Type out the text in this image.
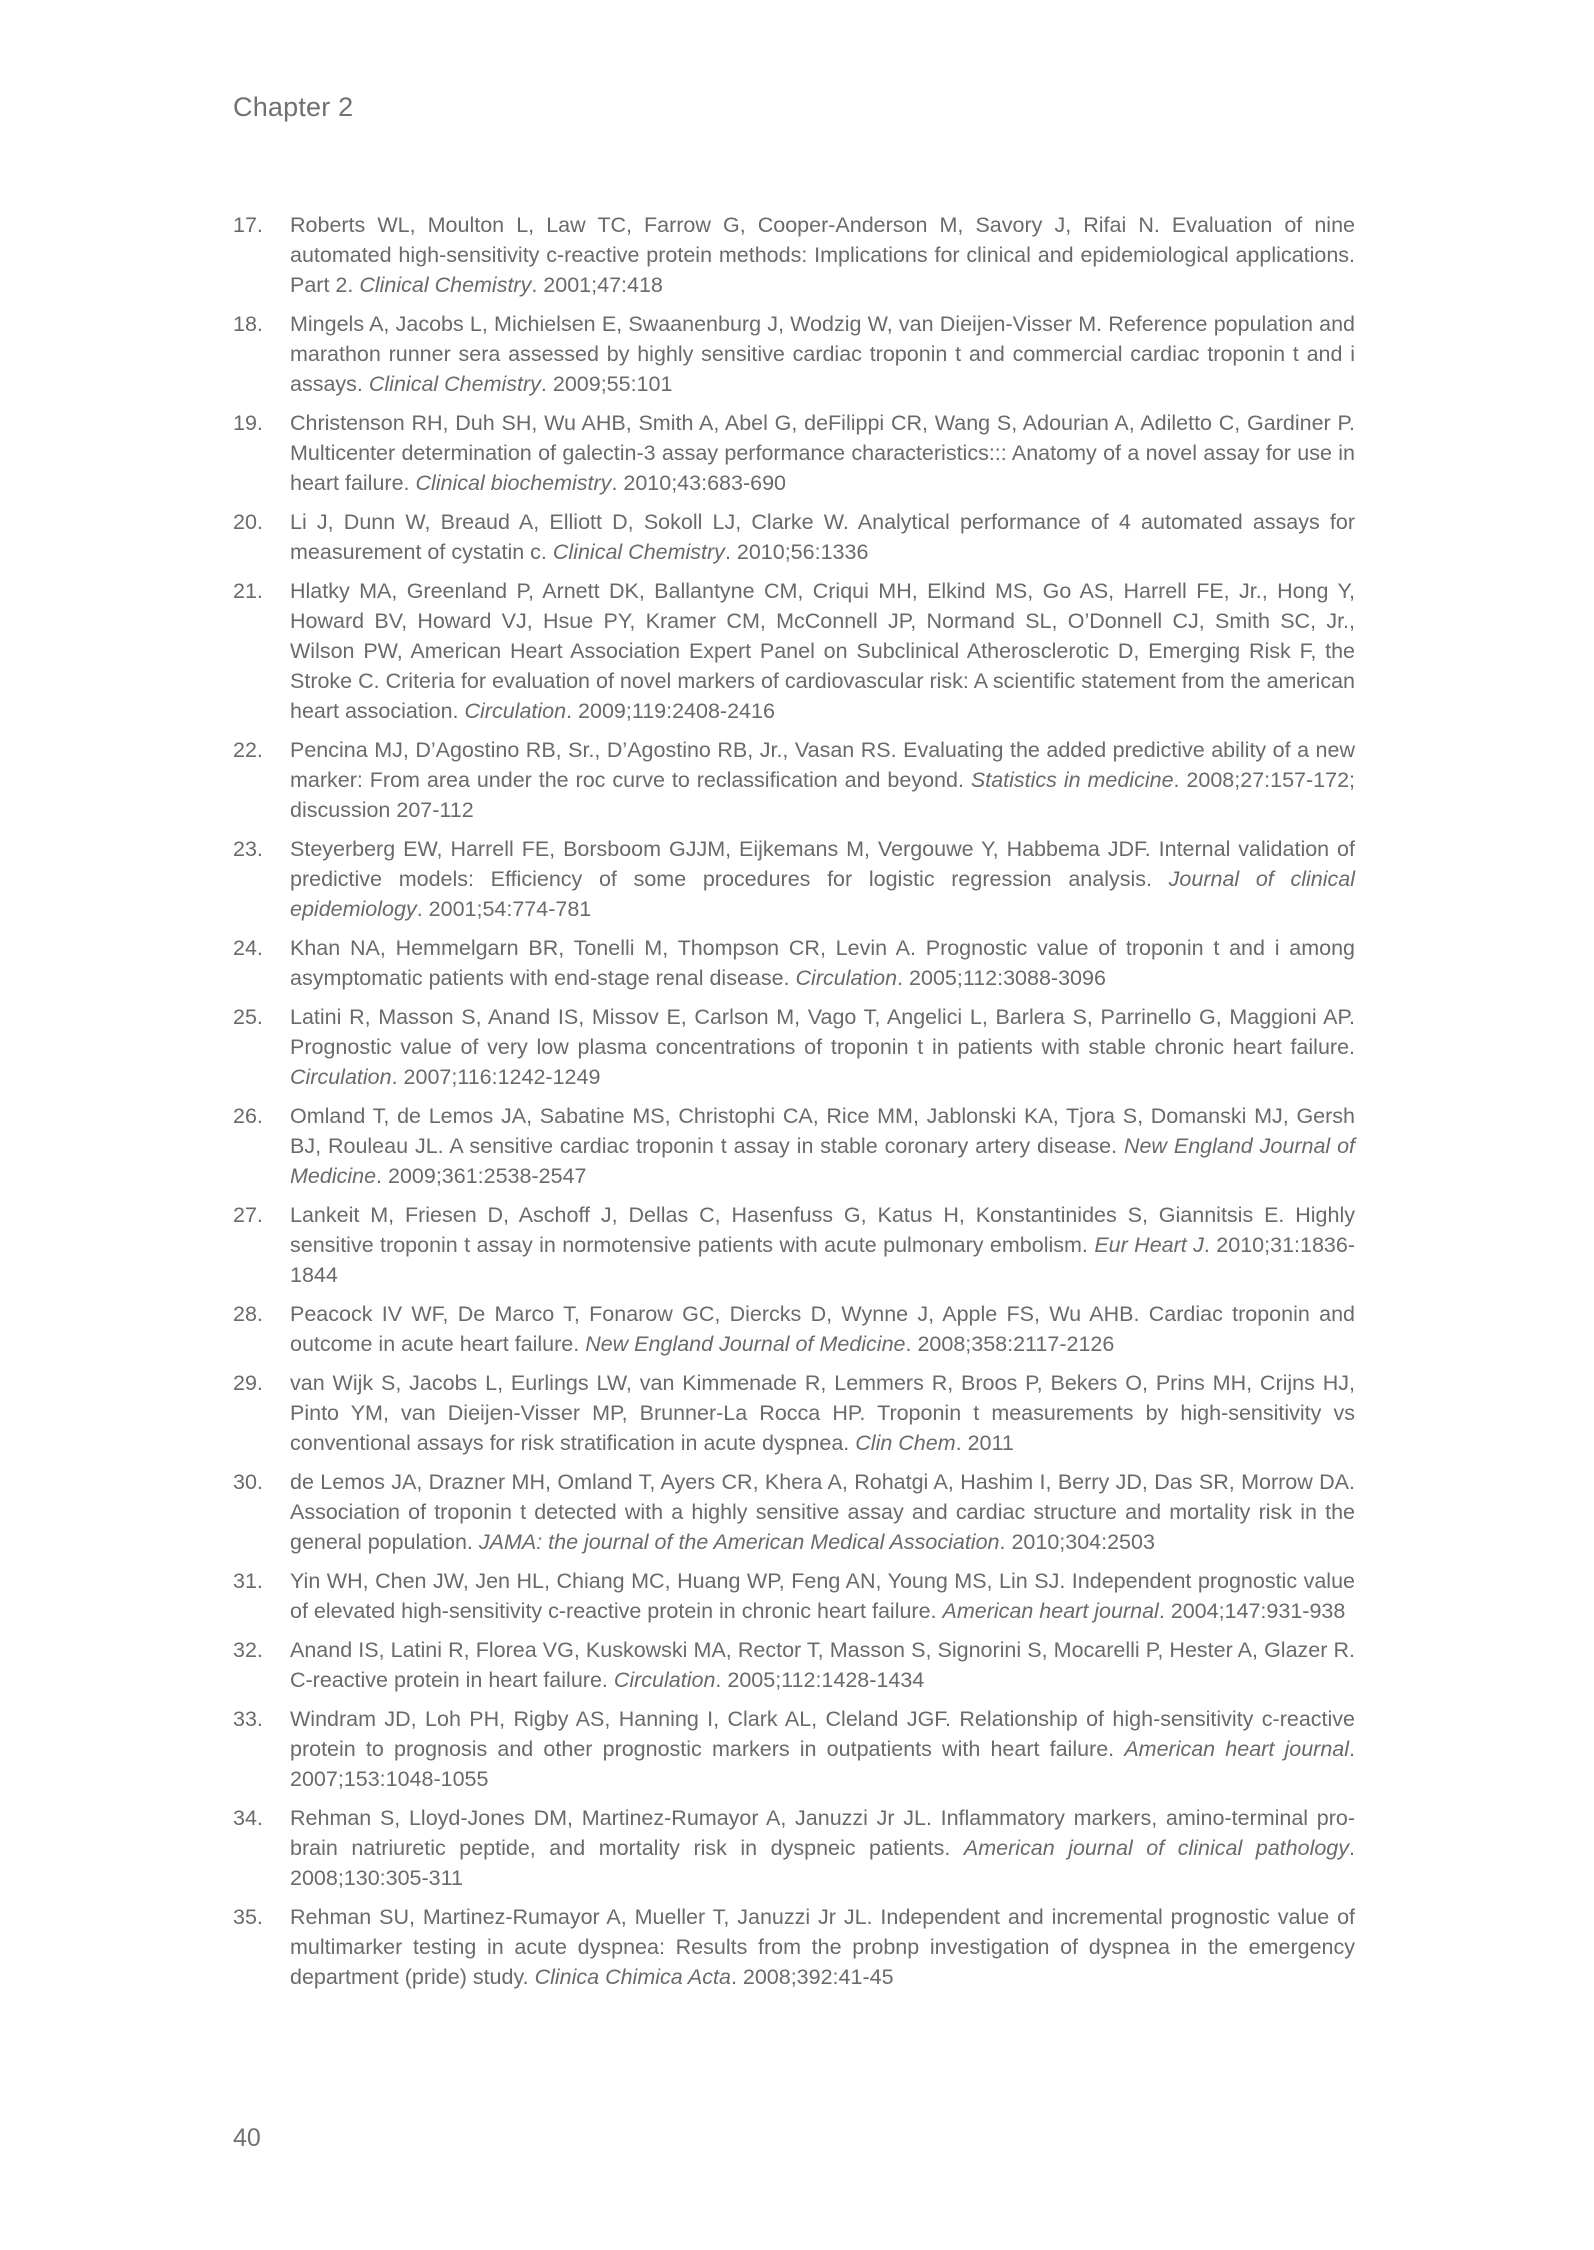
Chapter 2
17.	Roberts WL, Moulton L, Law TC, Farrow G, Cooper-Anderson M, Savory J, Rifai N. Evaluation of nine automated high-sensitivity c-reactive protein methods: Implications for clinical and epidemiological applications. Part 2. Clinical Chemistry. 2001;47:418
18.	Mingels A, Jacobs L, Michielsen E, Swaanenburg J, Wodzig W, van Dieijen-Visser M. Reference population and marathon runner sera assessed by highly sensitive cardiac troponin t and commercial cardiac troponin t and i assays. Clinical Chemistry. 2009;55:101
19.	Christenson RH, Duh SH, Wu AHB, Smith A, Abel G, deFilippi CR, Wang S, Adourian A, Adiletto C, Gardiner P. Multicenter determination of galectin-3 assay performance characteristics::: Anatomy of a novel assay for use in heart failure. Clinical biochemistry. 2010;43:683-690
20.	Li J, Dunn W, Breaud A, Elliott D, Sokoll LJ, Clarke W. Analytical performance of 4 automated assays for measurement of cystatin c. Clinical Chemistry. 2010;56:1336
21.	Hlatky MA, Greenland P, Arnett DK, Ballantyne CM, Criqui MH, Elkind MS, Go AS, Harrell FE, Jr., Hong Y, Howard BV, Howard VJ, Hsue PY, Kramer CM, McConnell JP, Normand SL, O’Donnell CJ, Smith SC, Jr., Wilson PW, American Heart Association Expert Panel on Subclinical Atherosclerotic D, Emerging Risk F, the Stroke C. Criteria for evaluation of novel markers of cardiovascular risk: A scientific statement from the american heart association. Circulation. 2009;119:2408-2416
22.	Pencina MJ, D’Agostino RB, Sr., D’Agostino RB, Jr., Vasan RS. Evaluating the added predictive ability of a new marker: From area under the roc curve to reclassification and beyond. Statistics in medicine. 2008;27:157-172; discussion 207-112
23.	Steyerberg EW, Harrell FE, Borsboom GJJM, Eijkemans M, Vergouwe Y, Habbema JDF. Internal validation of predictive models: Efficiency of some procedures for logistic regression analysis. Journal of clinical epidemiology. 2001;54:774-781
24.	Khan NA, Hemmelgarn BR, Tonelli M, Thompson CR, Levin A. Prognostic value of troponin t and i among asymptomatic patients with end-stage renal disease. Circulation. 2005;112:3088-3096
25.	Latini R, Masson S, Anand IS, Missov E, Carlson M, Vago T, Angelici L, Barlera S, Parrinello G, Maggioni AP. Prognostic value of very low plasma concentrations of troponin t in patients with stable chronic heart failure. Circulation. 2007;116:1242-1249
26.	Omland T, de Lemos JA, Sabatine MS, Christophi CA, Rice MM, Jablonski KA, Tjora S, Domanski MJ, Gersh BJ, Rouleau JL. A sensitive cardiac troponin t assay in stable coronary artery disease. New England Journal of Medicine. 2009;361:2538-2547
27.	Lankeit M, Friesen D, Aschoff J, Dellas C, Hasenfuss G, Katus H, Konstantinides S, Giannitsis E. Highly sensitive troponin t assay in normotensive patients with acute pulmonary embolism. Eur Heart J. 2010;31:1836-1844
28.	Peacock IV WF, De Marco T, Fonarow GC, Diercks D, Wynne J, Apple FS, Wu AHB. Cardiac troponin and outcome in acute heart failure. New England Journal of Medicine. 2008;358:2117-2126
29.	van Wijk S, Jacobs L, Eurlings LW, van Kimmenade R, Lemmers R, Broos P, Bekers O, Prins MH, Crijns HJ, Pinto YM, van Dieijen-Visser MP, Brunner-La Rocca HP. Troponin t measurements by high-sensitivity vs conventional assays for risk stratification in acute dyspnea. Clin Chem. 2011
30.	de Lemos JA, Drazner MH, Omland T, Ayers CR, Khera A, Rohatgi A, Hashim I, Berry JD, Das SR, Morrow DA. Association of troponin t detected with a highly sensitive assay and cardiac structure and mortality risk in the general population. JAMA: the journal of the American Medical Association. 2010;304:2503
31.	Yin WH, Chen JW, Jen HL, Chiang MC, Huang WP, Feng AN, Young MS, Lin SJ. Independent prognostic value of elevated high-sensitivity c-reactive protein in chronic heart failure. American heart journal. 2004;147:931-938
32.	Anand IS, Latini R, Florea VG, Kuskowski MA, Rector T, Masson S, Signorini S, Mocarelli P, Hester A, Glazer R. C-reactive protein in heart failure. Circulation. 2005;112:1428-1434
33.	Windram JD, Loh PH, Rigby AS, Hanning I, Clark AL, Cleland JGF. Relationship of high-sensitivity c-reactive protein to prognosis and other prognostic markers in outpatients with heart failure. American heart journal. 2007;153:1048-1055
34.	Rehman S, Lloyd-Jones DM, Martinez-Rumayor A, Januzzi Jr JL. Inflammatory markers, amino-terminal pro-brain natriuretic peptide, and mortality risk in dyspneic patients. American journal of clinical pathology. 2008;130:305-311
35.	Rehman SU, Martinez-Rumayor A, Mueller T, Januzzi Jr JL. Independent and incremental prognostic value of multimarker testing in acute dyspnea: Results from the probnp investigation of dyspnea in the emergency department (pride) study. Clinica Chimica Acta. 2008;392:41-45
40
